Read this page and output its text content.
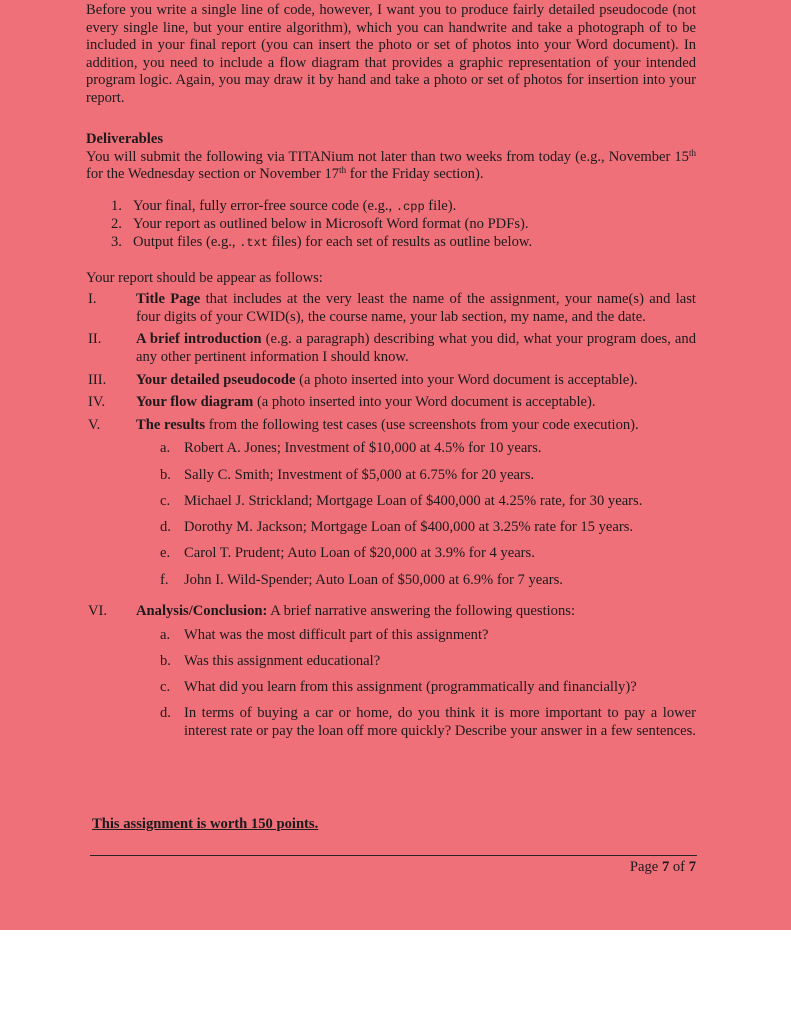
Before you write a single line of code, however, I want you to produce fairly detailed pseudocode (not every single line, but your entire algorithm), which you can handwrite and take a photograph of to be included in your final report (you can insert the photo or set of photos into your Word document). In addition, you need to include a flow diagram that provides a graphic representation of your intended program logic. Again, you may draw it by hand and take a photo or set of photos for insertion into your report.

Deliverables

You will submit the following via TITANium not later than two weeks from today (e.g., November 15th for the Wednesday section or November 17th for the Friday section).

1. Your final, fully error-free source code (e.g., .cpp file).
2. Your report as outlined below in Microsoft Word format (no PDFs).
3. Output files (e.g., .txt files) for each set of results as outline below.

Your report should be appear as follows:

I.	Title Page that includes at the very least the name of the assignment, your name(s) and last four digits of your CWID(s), the course name, your lab section, my name, and the date.
II.	A brief introduction (e.g. a paragraph) describing what you did, what your program does, and any other pertinent information I should know.
III.	Your detailed pseudocode (a photo inserted into your Word document is acceptable).
IV.	Your flow diagram (a photo inserted into your Word document is acceptable).
V.	The results from the following test cases (use screenshots from your code execution).
a. Robert A. Jones; Investment of $10,000 at 4.5% for 10 years.
b. Sally C. Smith; Investment of $5,000 at 6.75% for 20 years.
c. Michael J. Strickland; Mortgage Loan of $400,000 at 4.25% rate, for 30 years.
d. Dorothy M. Jackson; Mortgage Loan of $400,000 at 3.25% rate for 15 years.
e. Carol T. Prudent; Auto Loan of $20,000 at 3.9% for 4 years.
f.	John I. Wild-Spender; Auto Loan of $50,000 at 6.9% for 7 years.
VI.	Analysis/Conclusion: A brief narrative answering the following questions:
a. What was the most difficult part of this assignment?
b. Was this assignment educational?
c. What did you learn from this assignment (programmatically and financially)?
d. In terms of buying a car or home, do you think it is more important to pay a lower interest rate or pay the loan off more quickly? Describe your answer in a few sentences.
This assignment is worth 150 points.
Page 7 of 7
